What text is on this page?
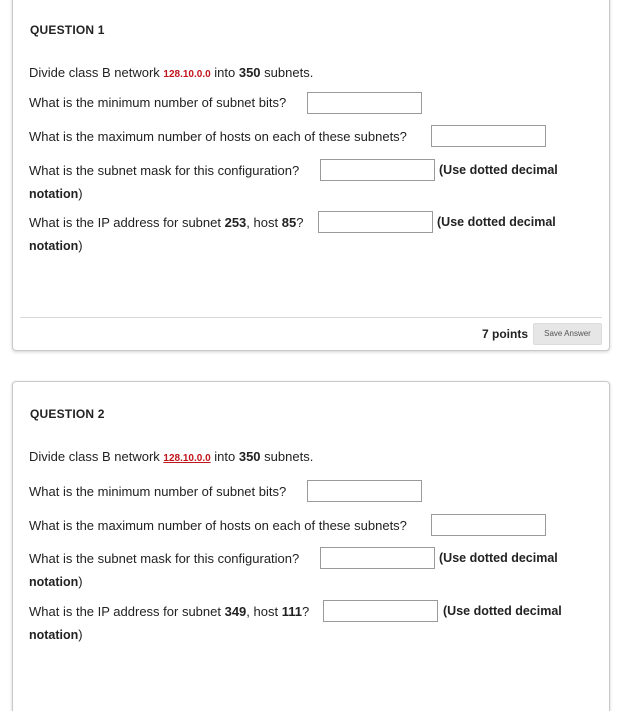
QUESTION 1
Divide class B network 128.10.0.0 into 350 subnets.
What is the minimum number of subnet bits?
What is the maximum number of hosts on each of these subnets?
What is the subnet mask for this configuration?	(Use dotted decimal
notation)
What is the IP address for subnet 253, host 85?	(Use dotted decimal
notation)
7 points	Save Answer
QUESTION 2
Divide class B network 128.10.0.0 into 350 subnets.
What is the minimum number of subnet bits?
What is the maximum number of hosts on each of these subnets?
What is the subnet mask for this configuration?	(Use dotted decimal
notation)
What is the IP address for subnet 349, host 111?	(Use dotted decimal
notation)
